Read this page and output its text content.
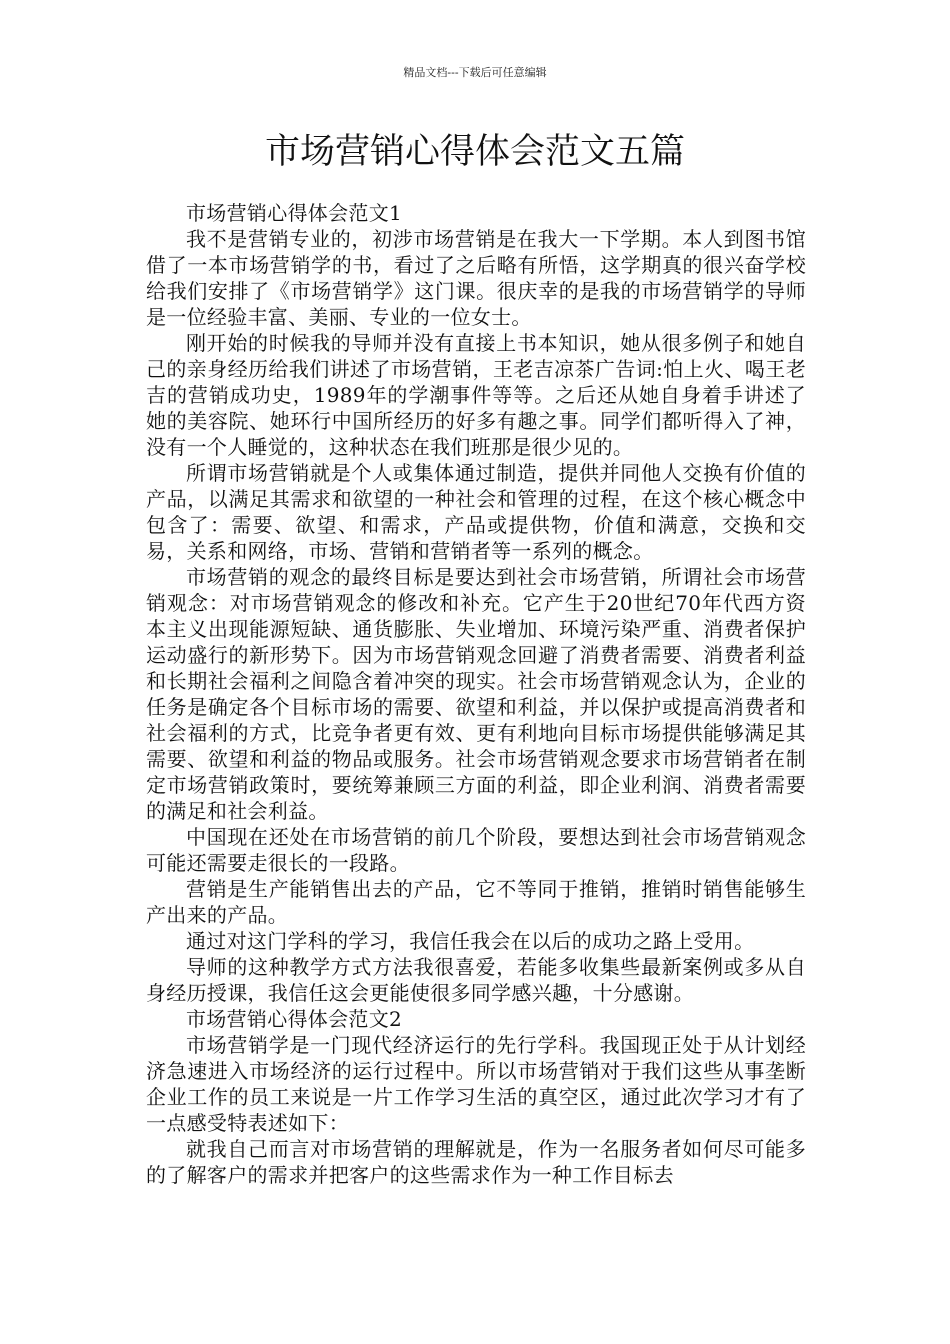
精品文档---下载后可任意编辑
市场营销心得体会范文五篇

市场营销心得体会范文1

我不是营销专业的，初涉市场营销是在我大一下学期。本人到图书馆借了一本市场营销学的书，看过了之后略有所悟，这学期真的很兴奋学校给我们安排了《市场营销学》这门课。很庆幸的是我的市场营销学的导师是一位经验丰富、美丽、专业的一位女士。

刚开始的时候我的导师并没有直接上书本知识，她从很多例子和她自己的亲身经历给我们讲述了市场营销，王老吉凉茶广告词:怕上火、喝王老吉的营销成功史，1989年的学潮事件等等。之后还从她自身着手讲述了她的美容院、她环行中国所经历的好多有趣之事。同学们都听得入了神，没有一个人睡觉的，这种状态在我们班那是很少见的。

所谓市场营销就是个人或集体通过制造，提供并同他人交换有价值的产品，以满足其需求和欲望的一种社会和管理的过程，在这个核心概念中包含了：需要、欲望、和需求，产品或提供物，价值和满意，交换和交易，关系和网络，市场、营销和营销者等一系列的概念。

市场营销的观念的最终目标是要达到社会市场营销，所谓社会市场营销观念：对市场营销观念的修改和补充。它产生于20世纪70年代西方资本主义出现能源短缺、通货膨胀、失业增加、环境污染严重、消费者保护运动盛行的新形势下。因为市场营销观念回避了消费者需要、消费者利益和长期社会福利之间隐含着冲突的现实。社会市场营销观念认为，企业的任务是确定各个目标市场的需要、欲望和利益，并以保护或提高消费者和社会福利的方式，比竞争者更有效、更有利地向目标市场提供能够满足其需要、欲望和利益的物品或服务。社会市场营销观念要求市场营销者在制定市场营销政策时，要统筹兼顾三方面的利益，即企业利润、消费者需要的满足和社会利益。

中国现在还处在市场营销的前几个阶段，要想达到社会市场营销观念可能还需要走很长的一段路。

营销是生产能销售出去的产品，它不等同于推销，推销时销售能够生产出来的产品。

通过对这门学科的学习，我信任我会在以后的成功之路上受用。

导师的这种教学方式方法我很喜爱，若能多收集些最新案例或多从自身经历授课，我信任这会更能使很多同学感兴趣，十分感谢。

市场营销心得体会范文2

市场营销学是一门现代经济运行的先行学科。我国现正处于从计划经济急速进入市场经济的运行过程中。所以市场营销对于我们这些从事垄断企业工作的员工来说是一片工作学习生活的真空区，通过此次学习才有了一点感受特表述如下：

就我自己而言对市场营销的理解就是，作为一名服务者如何尽可能多的了解客户的需求并把客户的这些需求作为一种工作目标去
